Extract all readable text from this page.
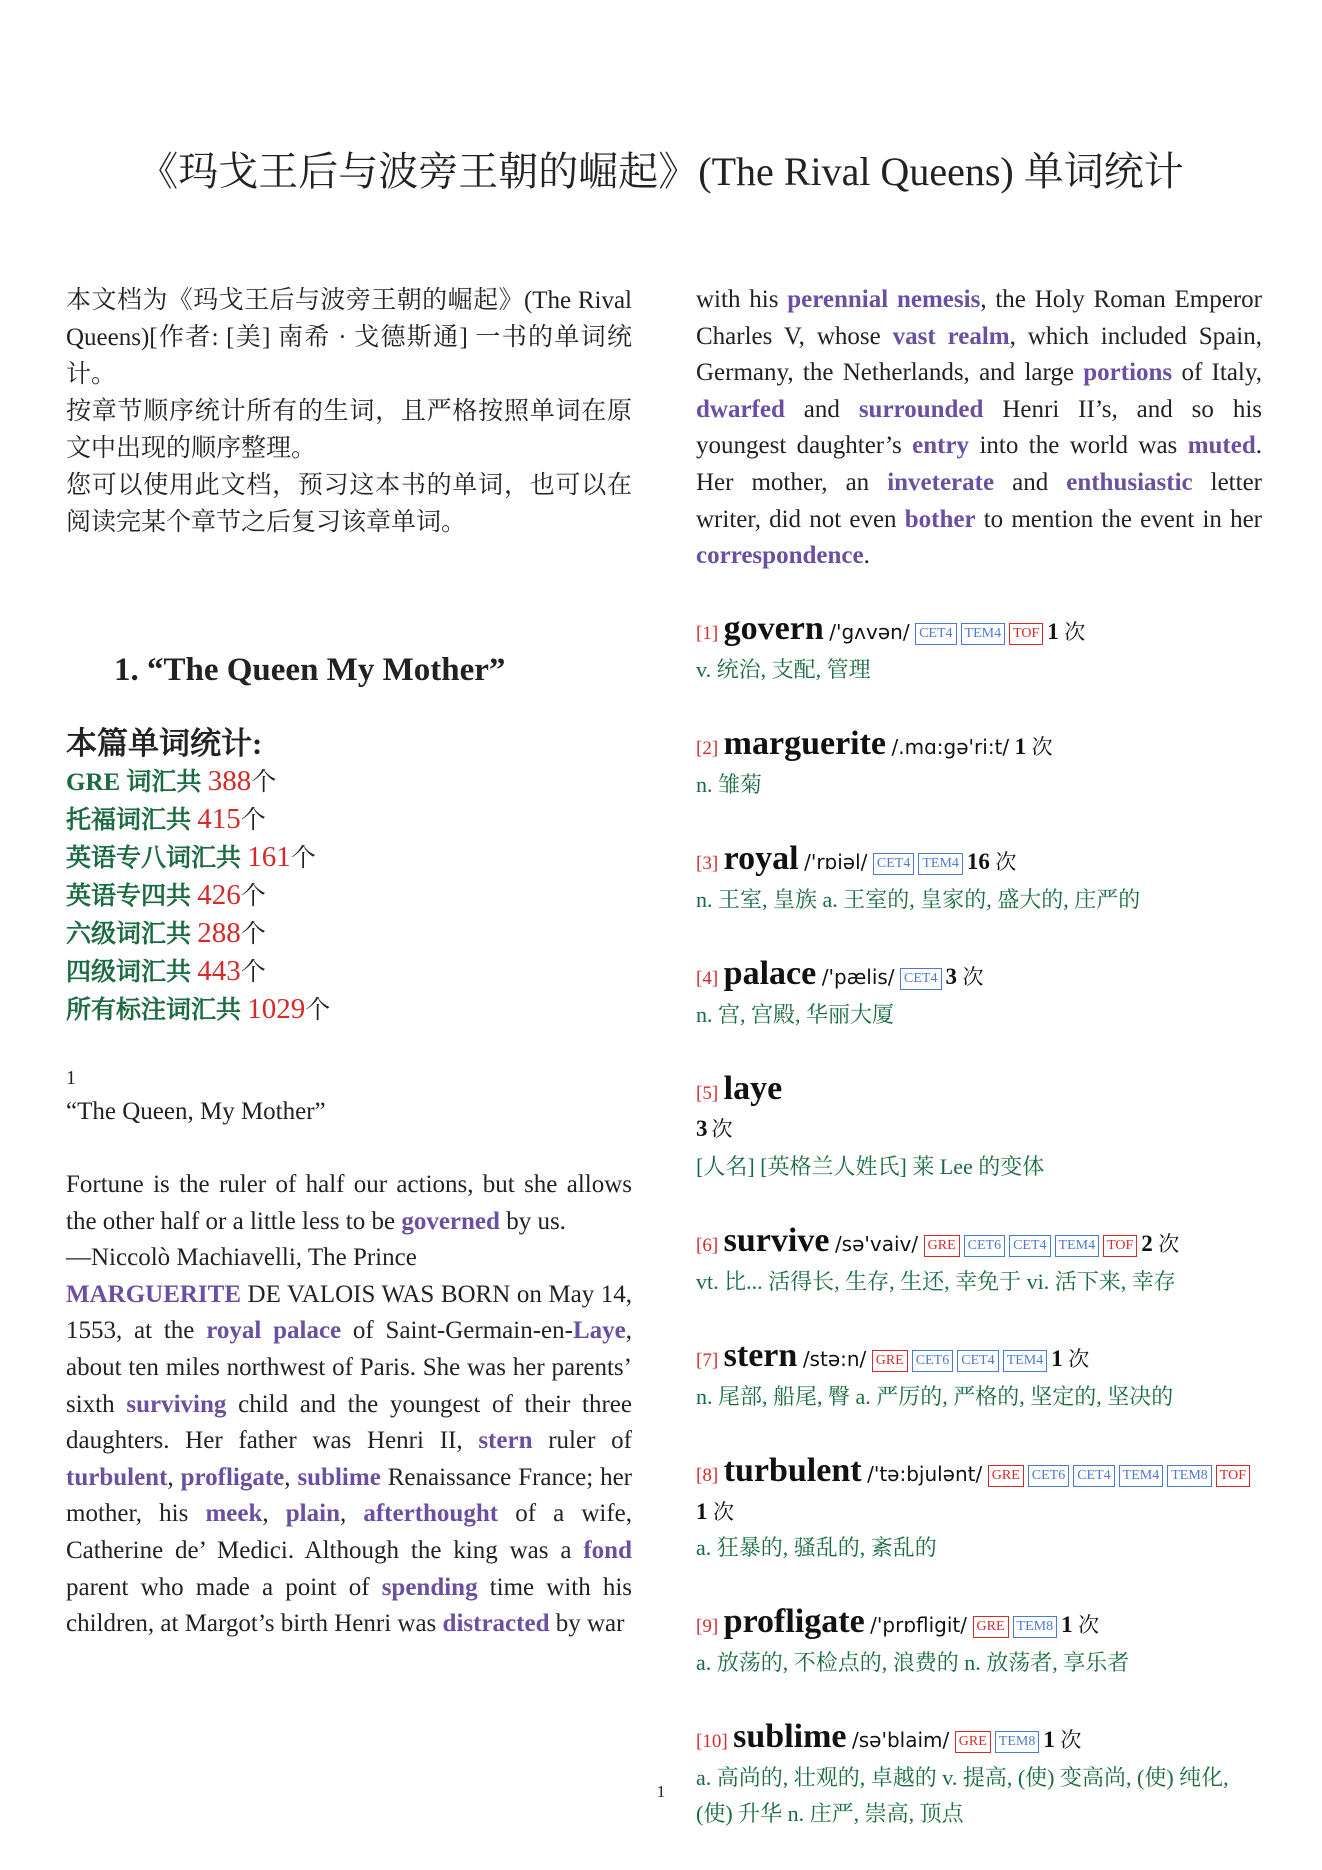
《玛戈王后与波旁王朝的崛起》(The Rival Queens) 单词统计

本文档为《玛戈王后与波旁王朝的崛起》(The Rival Queens)[作者: [美] 南希 · 戈德斯通] 一书的单词统计。

按章节顺序统计所有的生词，且严格按照单词在原文中出现的顺序整理。

您可以使用此文档，预习这本书的单词，也可以在阅读完某个章节之后复习该章单词。

1. “The Queen My Mother”
本篇单词统计:
GRE 词汇共 388个
托福词汇共 415个
英语专八词汇共 161个
英语专四共 426个
六级词汇共 288个
四级词汇共 443个
所有标注词汇共 1029个
1
“The Queen, My Mother”

Fortune is the ruler of half our actions, but she allows the other half or a little less to be governed by us.
—Niccolò Machiavelli, The Prince
MARGUERITE DE VALOIS WAS BORN on May 14, 1553, at the royal palace of Saint-Germain-en-Laye, about ten miles northwest of Paris. She was her parents’ sixth surviving child and the youngest of their three daughters. Her father was Henri II, stern ruler of turbulent, profligate, sublime Renaissance France; her mother, his meek, plain, afterthought of a wife, Catherine de’ Medici. Although the king was a fond parent who made a point of spending time with his children, at Margot’s birth Henri was distracted by war

with his perennial nemesis, the Holy Roman Emperor Charles V, whose vast realm, which included Spain, Germany, the Netherlands, and large portions of Italy, dwarfed and surrounded Henri II’s, and so his youngest daughter’s entry into the world was muted. Her mother, an inveterate and enthusiastic letter writer, did not even bother to mention the event in her correspondence.

[1] govern /'gʌvən/ CET4 TEM4 TOF 1 次
v. 统治, 支配, 管理
[2] marguerite /.mɑ:gə'ri:t/ 1 次
n. 雏菊
[3] royal /'rɒiəl/ CET4 TEM4 16 次
n. 王室, 皇族 a. 王室的, 皇家的, 盛大的, 庄严的
[4] palace /'pælis/ CET4 3 次
n. 宫, 宫殿, 华丽大厦
[5] laye
3 次
[人名] [英格兰人姓氏] 莱 Lee 的变体
[6] survive /sə'vaiv/ GRE CET6 CET4 TEM4 TOF 2 次
vt. 比... 活得长, 生存, 生还, 幸免于 vi. 活下来, 幸存
[7] stern /stə:n/ GRE CET6 CET4 TEM4 1 次
n. 尾部, 船尾, 臀 a. 严厉的, 严格的, 坚定的, 坚决的
[8] turbulent /'tə:bjulənt/ GRE CET6 CET4 TEM4 TEM8 TOF1 次
a. 狂暴的, 骚乱的, 紊乱的
[9] profligate /'prɒfligit/ GRE TEM8 1 次
a. 放荡的, 不检点的, 浪费的 n. 放荡者, 享乐者
[10] sublime /sə'blaim/ GRE TEM8 1 次
a. 高尚的, 壮观的, 卓越的 v. 提高, (使) 变高尚, (使) 纯化, (使) 升华 n. 庄严, 崇高, 顶点
1
